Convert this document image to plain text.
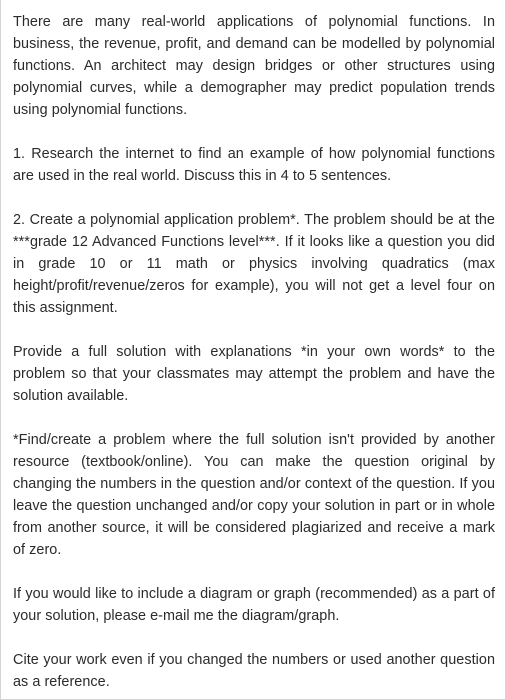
There are many real-world applications of polynomial functions. In business, the revenue, profit, and demand can be modelled by polynomial functions. An architect may design bridges or other structures using polynomial curves, while a demographer may predict population trends using polynomial functions.

1. Research the internet to find an example of how polynomial functions are used in the real world. Discuss this in 4 to 5 sentences.

2. Create a polynomial application problem*. The problem should be at the ***grade 12 Advanced Functions level***. If it looks like a question you did in grade 10 or 11 math or physics involving quadratics (max height/profit/revenue/zeros for example), you will not get a level four on this assignment.

Provide a full solution with explanations *in your own words* to the problem so that your classmates may attempt the problem and have the solution available.

*Find/create a problem where the full solution isn't provided by another resource (textbook/online). You can make the question original by changing the numbers in the question and/or context of the question. If you leave the question unchanged and/or copy your solution in part or in whole from another source, it will be considered plagiarized and receive a mark of zero.

If you would like to include a diagram or graph (recommended) as a part of your solution, please e-mail me the diagram/graph.

Cite your work even if you changed the numbers or used another question as a reference.
